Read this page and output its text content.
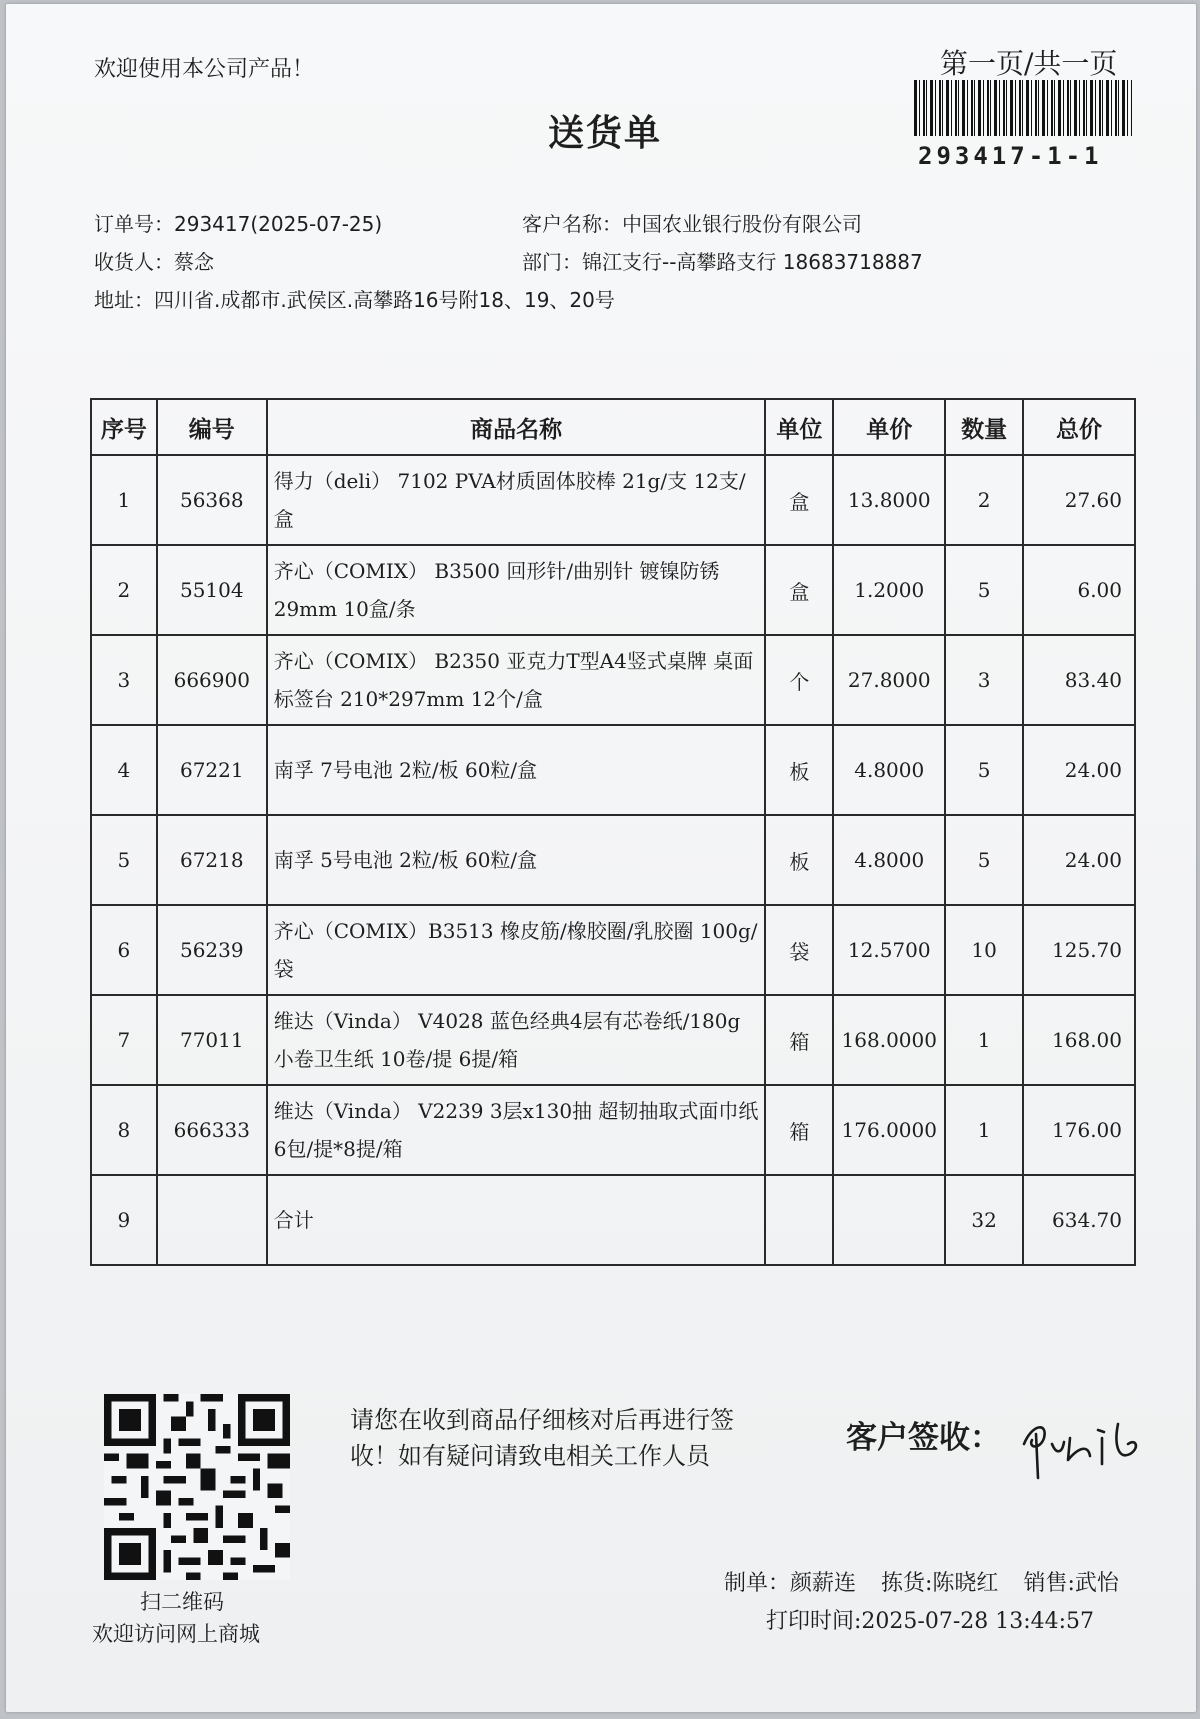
欢迎使用本公司产品！	第一页/共一页
送货单
293417-1-1
订单号：293417(2025-07-25)	客户名称：中国农业银行股份有限公司
收货人：蔡念	部门：锦江支行--高攀路支行 18683718887
地址：四川省.成都市.武侯区.高攀路16号附18、19、20号
序号	编号	商品名称	单位	单价	数量	总价
1	56368	得力（deli） 7102 PVA材质固体胶棒 21g/支 12支/盒	盒	13.8000	2	27.60
2	55104	齐心（COMIX） B3500 回形针/曲别针 镀镍防锈 29mm 10盒/条	盒	1.2000	5	6.00
3	666900	齐心（COMIX） B2350 亚克力T型A4竖式桌牌 桌面标签台 210*297mm 12个/盒	个	27.8000	3	83.40
4	67221	南孚 7号电池 2粒/板 60粒/盒	板	4.8000	5	24.00
5	67218	南孚 5号电池 2粒/板 60粒/盒	板	4.8000	5	24.00
6	56239	齐心（COMIX）B3513 橡皮筋/橡胶圈/乳胶圈 100g/袋	袋	12.5700	10	125.70
7	77011	维达（Vinda） V4028 蓝色经典4层有芯卷纸/180g 小卷卫生纸 10卷/提 6提/箱	箱	168.0000	1	168.00
8	666333	维达（Vinda） V2239 3层x130抽 超韧抽取式面巾纸 6包/提*8提/箱	箱	176.0000	1	176.00
9		合计			32	634.70
扫二维码
欢迎访问网上商城
请您在收到商品仔细核对后再进行签收！如有疑问请致电相关工作人员	客户签收：
制单：颜薪连 拣货:陈晓红 销售:武怡
打印时间:2025-07-28 13:44:57
